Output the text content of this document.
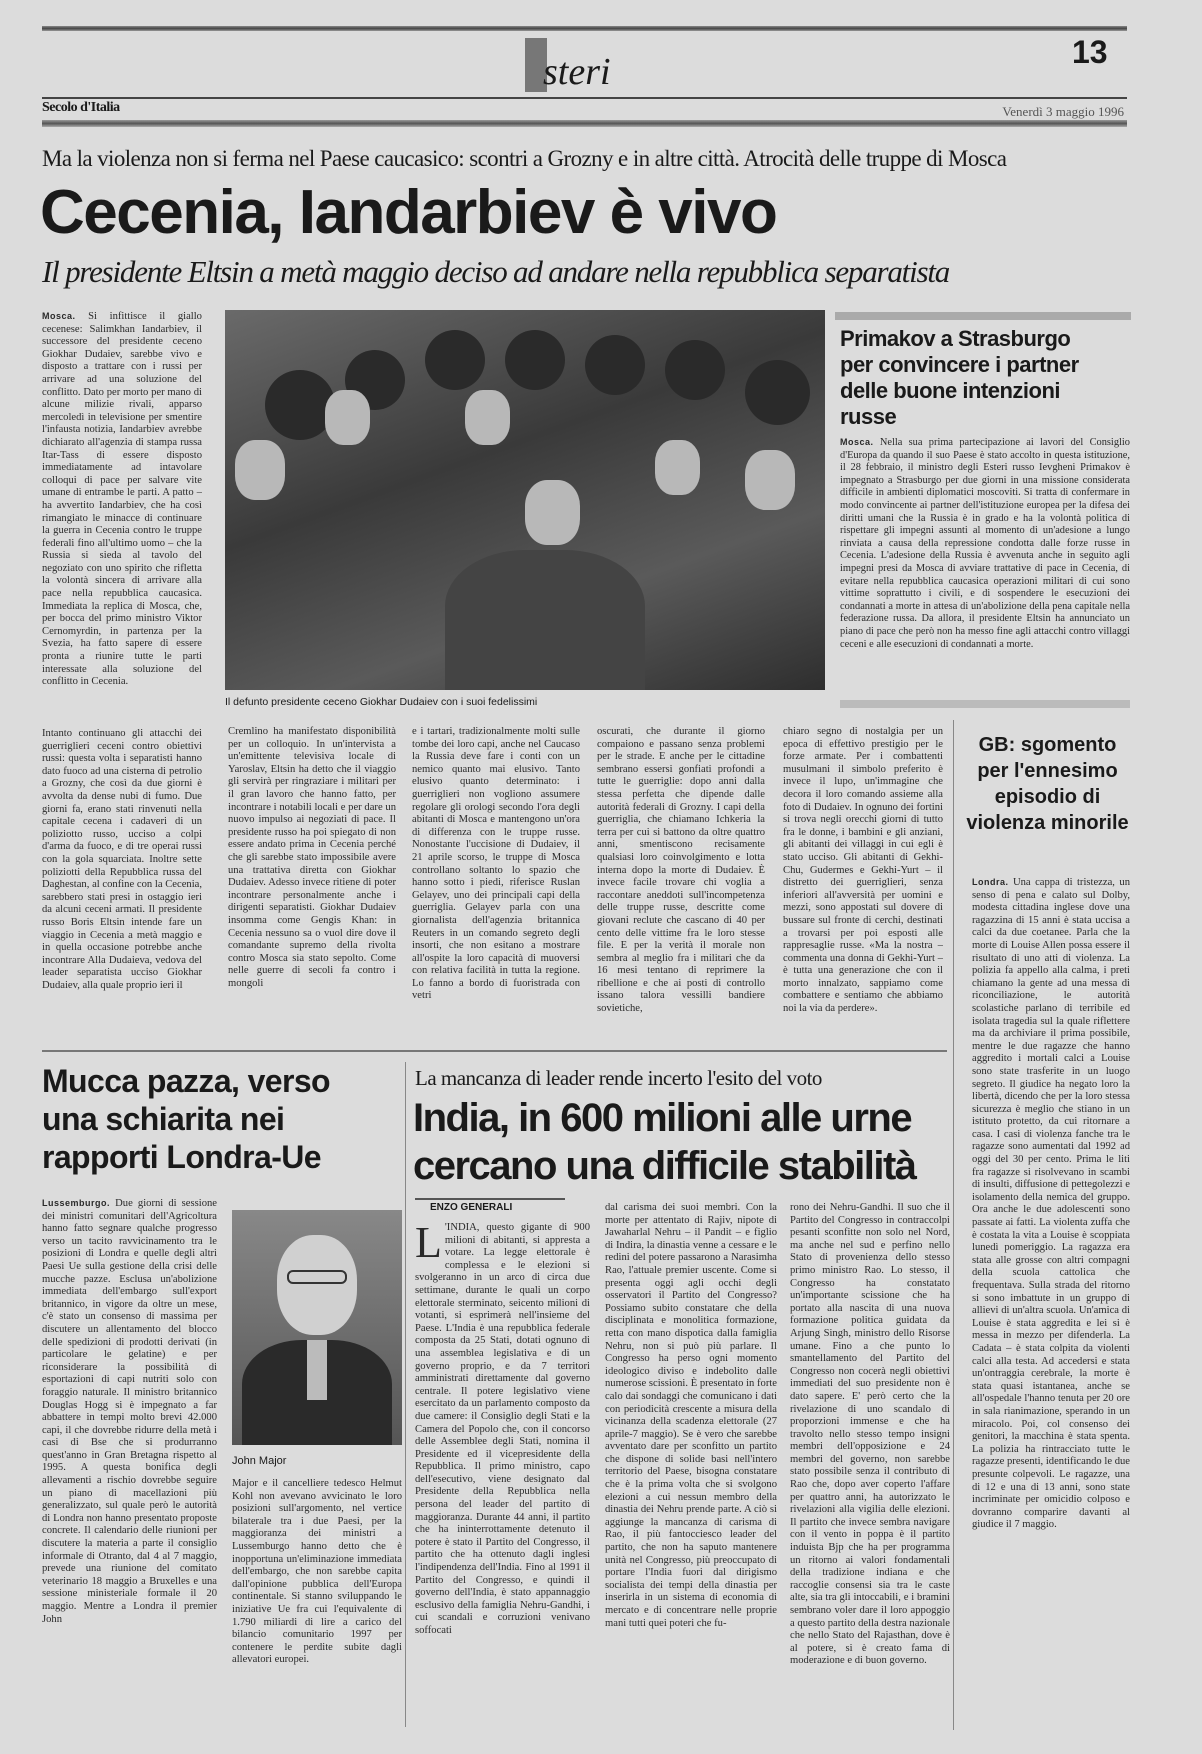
steri	13
Secolo d'Italia	Venerdì 3 maggio 1996
Ma la violenza non si ferma nel Paese caucasico: scontri a Grozny e in altre città. Atrocità delle truppe di Mosca
Cecenia, Iandarbiev è vivo
Il presidente Eltsin a metà maggio deciso ad andare nella repubblica separatista
Mosca. Si infittisce il giallo cecenese: Salimkhan Iandarbiev, il successore del presidente ceceno Giokhar Dudaiev, sarebbe vivo e disposto a trattare con i russi per arrivare ad una soluzione del conflitto. Dato per morto per mano di alcune milizie rivali, apparso mercoledì in televisione per smentire l'infausta notizia, Iandarbiev avrebbe dichiarato all'agenzia di stampa russa Itar-Tass di essere disposto immediatamente ad intavolare colloqui di pace per salvare vite umane di entrambe le parti. A patto – ha avvertito Iandarbiev, che ha così rimangiato le minacce di continuare la guerra in Cecenia contro le truppe federali fino all'ultimo uomo – che la Russia si sieda al tavolo del negoziato con uno spirito che rifletta la volontà sincera di arrivare alla pace nella repubblica caucasica. Immediata la replica di Mosca, che, per bocca del primo ministro Viktor Cernomyrdin, in partenza per la Svezia, ha fatto sapere di essere pronta a riunire tutte le parti interessate alla soluzione del conflitto in Cecenia.
Intanto continuano gli attacchi dei guerriglieri ceceni contro obiettivi russi: questa volta i separatisti hanno dato fuoco ad una cisterna di petrolio a Grozny, che così da due giorni è avvolta da dense nubi di fumo. Due giorni fa, erano stati rinvenuti nella capitale cecena i cadaveri di un poliziotto russo, ucciso a colpi d'arma da fuoco, e di tre operai russi con la gola squarciata. Inoltre sette poliziotti della Repubblica russa del Daghestan, al confine con la Cecenia, sarebbero stati presi in ostaggio ieri da alcuni ceceni armati. Il presidente russo Boris Eltsin intende fare un viaggio in Cecenia a metà maggio e in quella occasione potrebbe anche incontrare Alla Dudaieva, vedova del leader separatista ucciso Giokhar Dudaiev, alla quale proprio ieri il
Il defunto presidente ceceno Giokhar Dudaiev con i suoi fedelissimi
Cremlino ha manifestato disponibilità per un colloquio. In un'intervista a un'emittente televisiva locale di Yaroslav, Eltsin ha detto che il viaggio gli servirà per ringraziare i militari per il gran lavoro che hanno fatto, per incontrare i notabili locali e per dare un nuovo impulso ai negoziati di pace. Il presidente russo ha poi spiegato di non essere andato prima in Cecenia perché che gli sarebbe stato impossibile avere una trattativa diretta con Giokhar Dudaiev. Adesso invece ritiene di poter incontrare personalmente anche i dirigenti separatisti. Giokhar Dudaiev insomma come Gengis Khan: in Cecenia nessuno sa o vuol dire dove il comandante supremo della rivolta contro Mosca sia stato sepolto. Come nelle guerre di secoli fa contro i mongoli
e i tartari, tradizionalmente molti sulle tombe dei loro capi, anche nel Caucaso la Russia deve fare i conti con un nemico quanto mai elusivo. Tanto elusivo quanto determinato: i guerriglieri non vogliono assumere regolare gli orologi secondo l'ora degli abitanti di Mosca e mantengono un'ora di differenza con le truppe russe. Nonostante l'uccisione di Dudaiev, il 21 aprile scorso, le truppe di Mosca controllano soltanto lo spazio che hanno sotto i piedi, riferisce Ruslan Gelayev, uno dei principali capi della guerriglia. Gelayev parla con una giornalista dell'agenzia britannica Reuters in un comando segreto degli insorti, che non esitano a mostrare all'ospite la loro capacità di muoversi con relativa facilità in tutta la regione. Lo fanno a bordo di fuoristrada con vetri
oscurati, che durante il giorno compaiono e passano senza problemi per le strade. E anche per le cittadine sembrano essersi gonfiati profondi a tutte le guerriglie: dopo anni dalla stessa perfetta che dipende dalle autorità federali di Grozny. I capi della guerriglia, che chiamano Ichkeria la terra per cui si battono da oltre quattro anni, smentiscono recisamente qualsiasi loro coinvolgimento e lotta interna dopo la morte di Dudaiev. È invece facile trovare chi voglia a raccontare aneddoti sull'incompetenza delle truppe russe, descritte come giovani reclute che cascano di 40 per cento delle vittime fra le loro stesse file. E per la verità il morale non sembra al meglio fra i militari che da 16 mesi tentano di reprimere la ribellione e che ai posti di controllo issano talora vessilli bandiere sovietiche,
chiaro segno di nostalgia per un epoca di effettivo prestigio per le forze armate. Per i combattenti musulmani il simbolo preferito è invece il lupo, un'immagine che decora il loro comando assieme alla foto di Dudaiev. In ognuno dei fortini si trova negli orecchi giorni di tutto fra le donne, i bambini e gli anziani, gli abitanti dei villaggi in cui egli è stato ucciso. Gli abitanti di Gekhi-Chu, Gudermes e Gekhi-Yurt – il distretto dei guerriglieri, senza inferiori all'avversità per uomini e mezzi, sono appostati sul dovere di bussare sul fronte di cerchi, destinati a trovarsi per poi esposti alle rappresaglie russe. «Ma la nostra – commenta una donna di Gekhi-Yurt – è tutta una generazione che con il morto innalzato, sappiamo come combattere e sentiamo che abbiamo noi la via da perdere».
Primakov a Strasburgo per convincere i partner delle buone intenzioni russe
Mosca. Nella sua prima partecipazione ai lavori del Consiglio d'Europa da quando il suo Paese è stato accolto in questa istituzione, il 28 febbraio, il ministro degli Esteri russo Ievgheni Primakov è impegnato a Strasburgo per due giorni in una missione considerata difficile in ambienti diplomatici moscoviti. Si tratta di confermare in modo convincente ai partner dell'istituzione europea per la difesa dei diritti umani che la Russia è in grado e ha la volontà politica di rispettare gli impegni assunti al momento di un'adesione a lungo rinviata a causa della repressione condotta dalle forze russe in Cecenia. L'adesione della Russia è avvenuta anche in seguito agli impegni presi da Mosca di avviare trattative di pace in Cecenia, di evitare nella repubblica caucasica operazioni militari di cui sono vittime soprattutto i civili, e di sospendere le esecuzioni dei condannati a morte in attesa di un'abolizione della pena capitale nella federazione russa. Da allora, il presidente Eltsin ha annunciato un piano di pace che però non ha messo fine agli attacchi contro villaggi ceceni e alle esecuzioni di condannati a morte.
GB: sgomento per l'ennesimo episodio di violenza minorile
Londra. Una cappa di tristezza, un senso di pena e calato sul Dolby, modesta cittadina inglese dove una ragazzina di 15 anni è stata uccisa a calci da due coetanee. Parla che la morte di Louise Allen possa essere il risultato di uno atti di violenza. La polizia fa appello alla calma, i preti chiamano la gente ad una messa di riconciliazione, le autorità scolastiche parlano di terribile ed isolata tragedia sul la quale riflettere ma da archiviare il prima possibile, mentre le due ragazze che hanno aggredito i mortali calci a Louise sono state trasferite in un luogo segreto. Il giudice ha negato loro la libertà, dicendo che per la loro stessa sicurezza è meglio che stiano in un istituto protetto, da cui ritornare a casa. I casi di violenza fanche tra le ragazze sono aumentati dal 1992 ad oggi del 30 per cento. Prima le liti fra ragazze si risolvevano in scambi di insulti, diffusione di pettegolezzi e isolamento della nemica del gruppo. Ora anche le due adolescenti sono passate ai fatti. La violenta zuffa che è costata la vita a Louise è scoppiata lunedì pomeriggio. La ragazza era stata alle grosse con altri compagni della scuola cattolica che frequentava. Sulla strada del ritorno si sono imbattute in un gruppo di allievi di un'altra scuola. Un'amica di Louise è stata aggredita e lei si è messa in mezzo per difenderla. La Cadata – è stata colpita da violenti calci alla testa. Ad accedersi e stata un'ontraggia cerebrale, la morte è stata quasi istantanea, anche se all'ospedale l'hanno tenuta per 20 ore in sala rianimazione, sperando in un miracolo. Poi, col consenso dei genitori, la macchina è stata spenta. La polizia ha rintracciato tutte le ragazze presenti, identificando le due presunte colpevoli. Le ragazze, una di 12 e una di 13 anni, sono state incriminate per omicidio colposo e dovranno comparire davanti al giudice il 7 maggio.
Mucca pazza, verso una schiarita nei rapporti Londra-Ue
Lussemburgo. Due giorni di sessione dei ministri comunitari dell'Agricoltura hanno fatto segnare qualche progresso verso un tacito ravvicinamento tra le posizioni di Londra e quelle degli altri Paesi Ue sulla gestione della crisi delle mucche pazze. Esclusa un'abolizione immediata dell'embargo sull'export britannico, in vigore da oltre un mese, c'è stato un consenso di massima per discutere un allentamento del blocco delle spedizioni di prodotti derivati (in particolare le gelatine) e per riconsiderare la possibilità di esportazioni di capi nutriti solo con foraggio naturale. Il ministro britannico Douglas Hogg si è impegnato a far abbattere in tempi molto brevi 42.000 capi, il che dovrebbe ridurre della metà i casi di Bse che si produrranno quest'anno in Gran Bretagna rispetto al 1995. A questa bonifica degli allevamenti a rischio dovrebbe seguire un piano di macellazioni più generalizzato, sul quale però le autorità di Londra non hanno presentato proposte concrete. Il calendario delle riunioni per discutere la materia a parte il consiglio informale di Otranto, dal 4 al 7 maggio, prevede una riunione del comitato veterinario 18 maggio a Bruxelles e una sessione ministeriale formale il 20 maggio. Mentre a Londra il premier John
John Major
Major e il cancelliere tedesco Helmut Kohl non avevano avvicinato le loro posizioni sull'argomento, nel vertice bilaterale tra i due Paesi, per la maggioranza dei ministri a Lussemburgo hanno detto che è inopportuna un'eliminazione immediata dell'embargo, che non sarebbe capita dall'opinione pubblica dell'Europa continentale. Si stanno sviluppando le iniziative Ue fra cui l'equivalente di 1.790 miliardi di lire a carico del bilancio comunitario 1997 per contenere le perdite subite dagli allevatori europei.
La mancanza di leader rende incerto l'esito del voto
India, in 600 milioni alle urne cercano una difficile stabilità
ENZO GENERALI
L 'INDIA, questo gigante di 900 milioni di abitanti, si appresta a votare. La legge elettorale è complessa e le elezioni si svolgeranno in un arco di circa due settimane, durante le quali un corpo elettorale sterminato, seicento milioni di votanti, si esprimerà nell'insieme del Paese. L'India è una repubblica federale composta da 25 Stati, dotati ognuno di una assemblea legislativa e di un governo proprio, e da 7 territori amministrati direttamente dal governo centrale. Il potere legislativo viene esercitato da un parlamento composto da due camere: il Consiglio degli Stati e la Camera del Popolo che, con il concorso delle Assemblee degli Stati, nomina il Presidente ed il vicepresidente della Repubblica. Il primo ministro, capo dell'esecutivo, viene designato dal Presidente della Repubblica nella persona del leader del partito di maggioranza. Durante 44 anni, il partito che ha ininterrottamente detenuto il potere è stato il Partito del Congresso, il partito che ha ottenuto dagli inglesi l'indipendenza dell'India. Fino al 1991 il Partito del Congresso, e quindi il governo dell'India, è stato appannaggio esclusivo della famiglia Nehru-Gandhi, i cui scandali e corruzioni venivano soffocati
dal carisma dei suoi membri. Con la morte per attentato di Rajiv, nipote di Jawaharlal Nehru – il Pandit – e figlio di Indira, la dinastia venne a cessare e le redini del potere passarono a Narasimha Rao, l'attuale premier uscente. Come si presenta oggi agli occhi degli osservatori il Partito del Congresso? Possiamo subito constatare che della disciplinata e monolitica formazione, retta con mano dispotica dalla famiglia Nehru, non si può più parlare. Il Congresso ha perso ogni momento ideologico diviso e indebolito dalle numerose scissioni. È presentato in forte calo dai sondaggi che comunicano i dati con periodicità crescente a misura della vicinanza della scadenza elettorale (27 aprile-7 maggio). Se è vero che sarebbe avventato dare per sconfitto un partito che dispone di solide basi nell'intero territorio del Paese, bisogna constatare che è la prima volta che si svolgono elezioni a cui nessun membro della dinastia dei Nehru prende parte. A ciò si aggiunge la mancanza di carisma di Rao, il più fantocciesco leader del partito, che non ha saputo mantenere unità nel Congresso, più preoccupato di portare l'India fuori dal dirigismo socialista dei tempi della dinastia per inserirla in un sistema di economia di mercato e di concentrare nelle proprie mani tutti quei poteri che fu-
rono dei Nehru-Gandhi. Il suo che il Partito del Congresso in contraccolpi pesanti sconfitte non solo nel Nord, ma anche nel sud e perfino nello Stato di provenienza dello stesso primo ministro Rao. Lo stesso, il Congresso ha constatato un'importante scissione che ha portato alla nascita di una nuova formazione politica guidata da Arjung Singh, ministro dello Risorse umane. Fino a che punto lo smantellamento del Partito del Congresso non cocerà negli obiettivi immediati del suo presidente non è dato sapere. E' però certo che la rivelazione di uno scandalo di proporzioni immense e che ha travolto nello stesso tempo insigni membri dell'opposizione e 24 membri del governo, non sarebbe stato possibile senza il contributo di Rao che, dopo aver coperto l'affare per quattro anni, ha autorizzato le rivelazioni alla vigilia delle elezioni. Il partito che invece sembra navigare con il vento in poppa è il partito induista Bjp che ha per programma un ritorno ai valori fondamentali della tradizione indiana e che raccoglie consensi sia tra le caste alte, sia tra gli intoccabili, e i bramini sembrano voler dare il loro appoggio a questo partito della destra nazionale che nello Stato del Rajasthan, dove è al potere, si è creato fama di moderazione e di buon governo.
